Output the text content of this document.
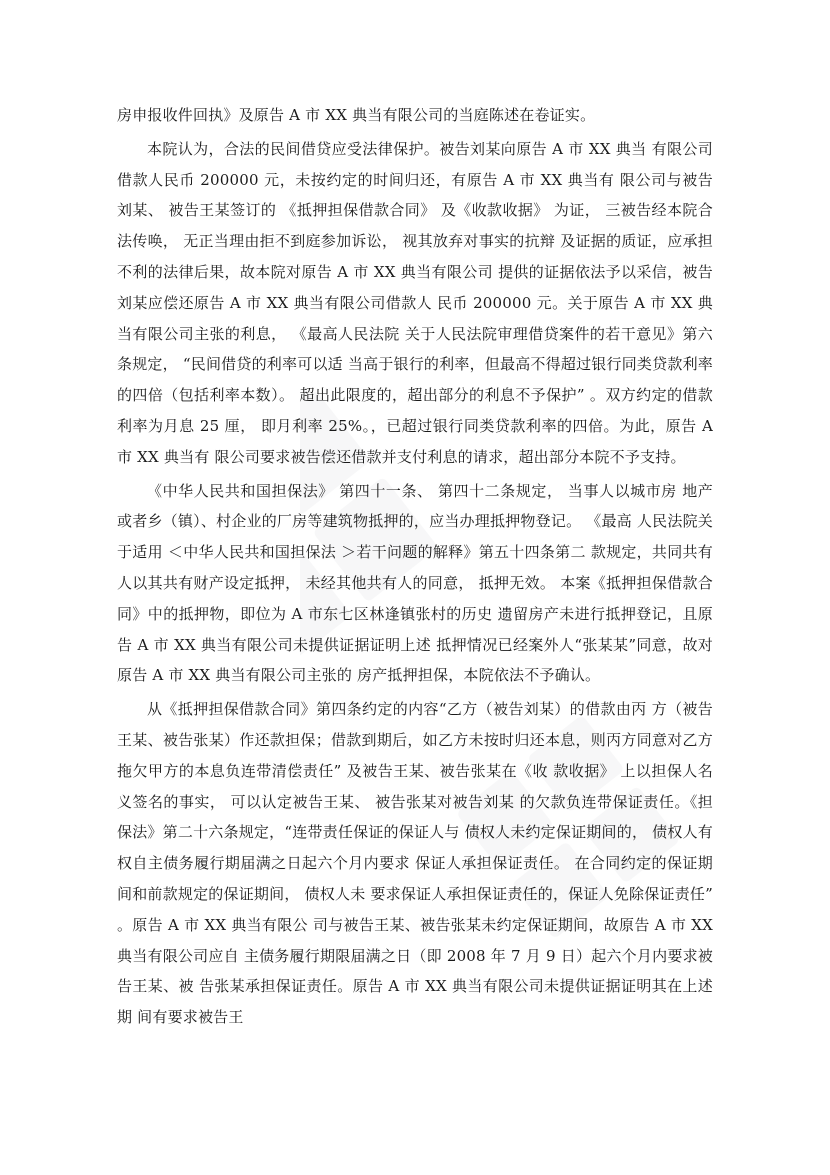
房申报收件回执》及原告 A 市 XX 典当有限公司的当庭陈述在卷证实。

本院认为，合法的民间借贷应受法律保护。被告刘某向原告 A 市 XX 典当 有限公司借款人民币 200000 元，未按约定的时间归还，有原告 A 市 XX 典当有 限公司与被告刘某、 被告王某签订的 《抵押担保借款合同》 及《收款收据》 为证， 三被告经本院合法传唤， 无正当理由拒不到庭参加诉讼， 视其放弃对事实的抗辩 及证据的质证，应承担不利的法律后果，故本院对原告 A 市 XX 典当有限公司 提供的证据依法予以采信，被告刘某应偿还原告 A 市 XX 典当有限公司借款人 民币 200000 元。关于原告 A 市 XX 典当有限公司主张的利息， 《最高人民法院 关于人民法院审理借贷案件的若干意见》第六条规定， “民间借贷的利率可以适 当高于银行的利率，但最高不得超过银行同类贷款利率的四倍（包括利率本数）。 超出此限度的，超出部分的利息不予保护” 。双方约定的借款利率为月息 25 厘， 即月利率 25%。，已超过银行同类贷款利率的四倍。为此，原告 A 市 XX 典当有 限公司要求被告偿还借款并支付利息的请求，超出部分本院不予支持。

《中华人民共和国担保法》 第四十一条、 第四十二条规定， 当事人以城市房 地产或者乡（镇）、村企业的厂房等建筑物抵押的，应当办理抵押物登记。 《最高 人民法院关于适用 ＜中华人民共和国担保法 ＞若干问题的解释》第五十四条第二 款规定，共同共有人以其共有财产设定抵押， 未经其他共有人的同意， 抵押无效。 本案《抵押担保借款合同》中的抵押物，即位为 A 市东七区林逢镇张村的历史 遗留房产未进行抵押登记，且原告 A 市 XX 典当有限公司未提供证据证明上述 抵押情况已经案外人“张某某”同意，故对原告 A 市 XX 典当有限公司主张的 房产抵押担保，本院依法不予确认。

从《抵押担保借款合同》第四条约定的内容“乙方（被告刘某）的借款由丙 方（被告王某、被告张某）作还款担保；借款到期后，如乙方未按时归还本息，则丙方同意对乙方拖欠甲方的本息负连带清偿责任” 及被告王某、被告张某在《收 款收据》 上以担保人名义签名的事实， 可以认定被告王某、 被告张某对被告刘某 的欠款负连带保证责任。《担保法》第二十六条规定，“连带责任保证的保证人与 债权人未约定保证期间的， 债权人有权自主债务履行期届满之日起六个月内要求 保证人承担保证责任。 在合同约定的保证期间和前款规定的保证期间， 债权人未 要求保证人承担保证责任的，保证人免除保证责任” 。原告 A 市 XX 典当有限公 司与被告王某、被告张某未约定保证期间，故原告 A 市 XX 典当有限公司应自 主债务履行期限届满之日（即 2008 年 7 月 9 日）起六个月内要求被告王某、被 告张某承担保证责任。原告 A 市 XX 典当有限公司未提供证据证明其在上述期 间有要求被告王
